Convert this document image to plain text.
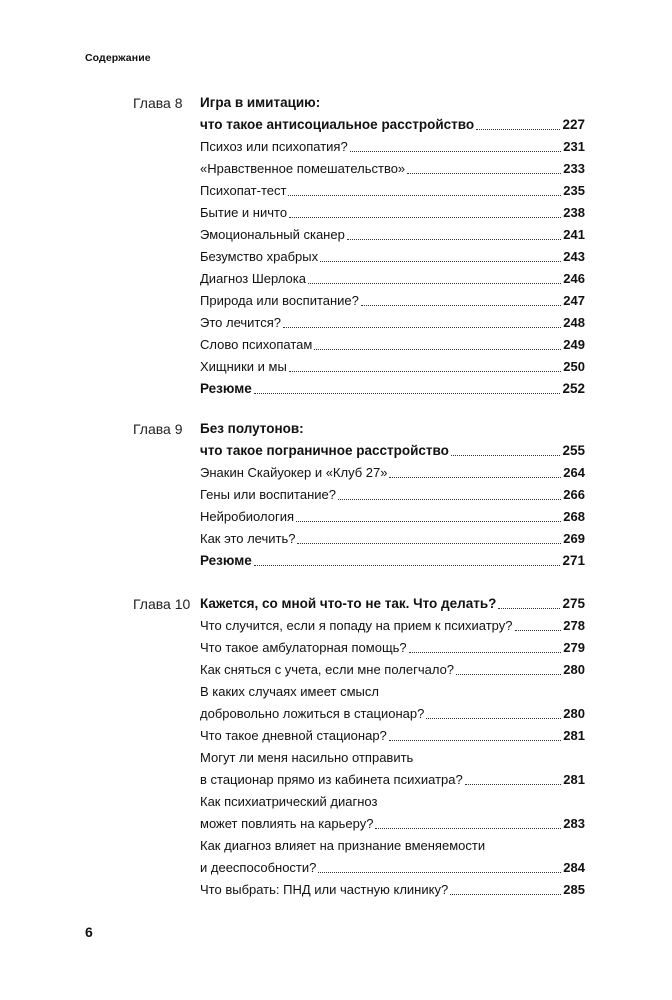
Содержание
Глава 8 Игра в имитацию:
что такое антисоциальное расстройство	227
Психоз или психопатия?	231
«Нравственное помешательство»	233
Психопат-тест	235
Бытие и ничто	238
Эмоциональный сканер	241
Безумство храбрых	243
Диагноз Шерлока	246
Природа или воспитание?	247
Это лечится?	248
Слово психопатам	249
Хищники и мы	250
Резюме	252
Глава 9 Без полутонов:
что такое пограничное расстройство	255
Энакин Скайуокер и «Клуб 27»	264
Гены или воспитание?	266
Нейробиология	268
Как это лечить?	269
Резюме	271
Глава 10 Кажется, со мной что-то не так. Что делать?	275
Что случится, если я попаду на прием к психиатру?	278
Что такое амбулаторная помощь?	279
Как сняться с учета, если мне полегчало?	280
В каких случаях имеет смысл
добровольно ложиться в стационар?	280
Что такое дневной стационар?	281
Могут ли меня насильно отправить
в стационар прямо из кабинета психиатра?	281
Как психиатрический диагноз
может повлиять на карьеру?	283
Как диагноз влияет на признание вменяемости
и дееспособности?	284
Что выбрать: ПНД или частную клинику?	285
6
